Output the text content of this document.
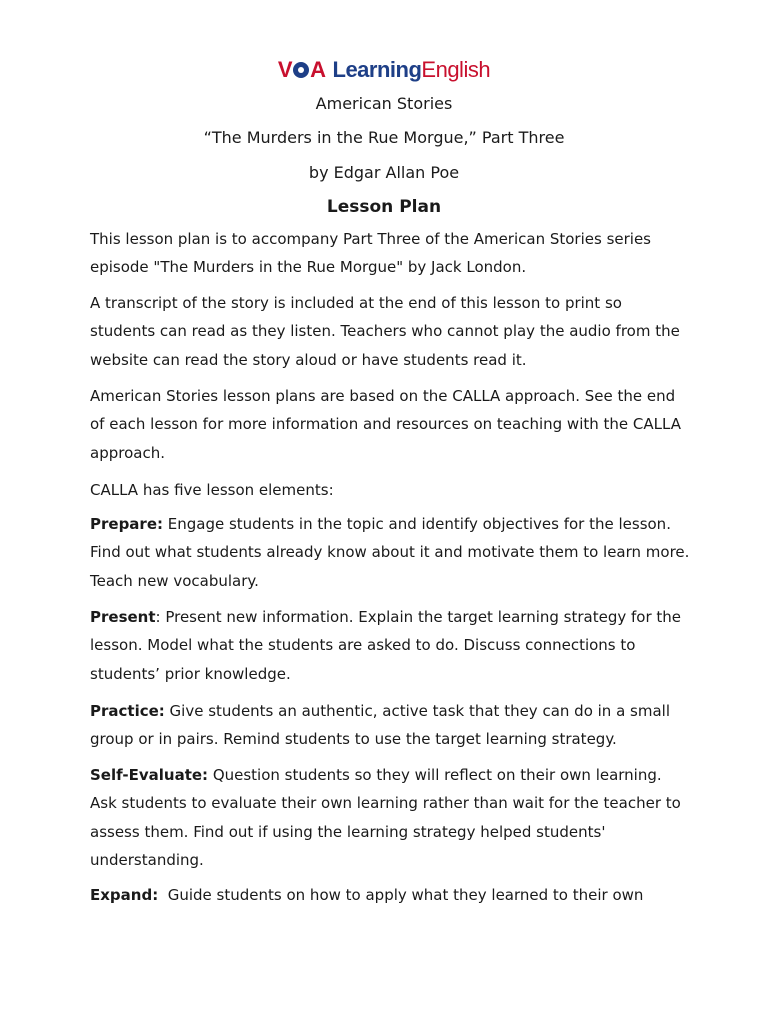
V A LearningEnglish
American Stories
“The Murders in the Rue Morgue,” Part Three
by Edgar Allan Poe
Lesson Plan

This lesson plan is to accompany Part Three of the American Stories series episode "The Murders in the Rue Morgue" by Jack London.

A transcript of the story is included at the end of this lesson to print so students can read as they listen. Teachers who cannot play the audio from the website can read the story aloud or have students read it.

American Stories lesson plans are based on the CALLA approach. See the end of each lesson for more information and resources on teaching with the CALLA approach.

CALLA has five lesson elements:

Prepare: Engage students in the topic and identify objectives for the lesson. Find out what students already know about it and motivate them to learn more. Teach new vocabulary.

Present: Present new information. Explain the target learning strategy for the lesson. Model what the students are asked to do. Discuss connections to students’ prior knowledge.

Practice: Give students an authentic, active task that they can do in a small group or in pairs. Remind students to use the target learning strategy.

Self-Evaluate: Question students so they will reflect on their own learning. Ask students to evaluate their own learning rather than wait for the teacher to assess them. Find out if using the learning strategy helped students' understanding.

Expand:  Guide students on how to apply what they learned to their own
